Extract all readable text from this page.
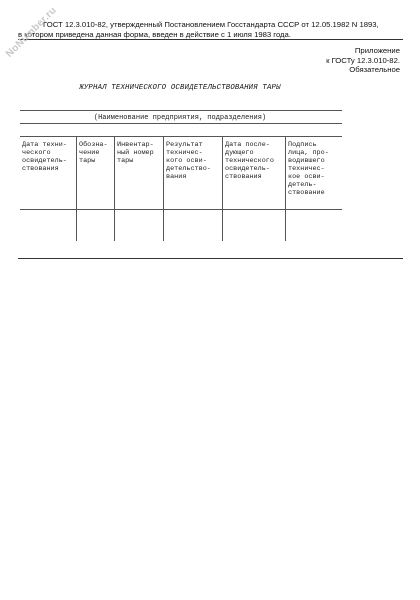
ГОСТ 12.3.010-82, утвержденный Постановлением Госстандарта СССР от 12.05.1982 N 1893,
в котором приведена данная форма, введен в действие с 1 июля 1983 года.
NoNumber.ru	Приложение
к ГОСТу 12.3.010-82.
Обязательное
ЖУРНАЛ ТЕХНИЧЕСКОГО ОСВИДЕТЕЛЬСТВОВАНИЯ ТАРЫ
(Наименование предприятия, подразделения)
Дата техни-
ческого
освидетель-
ствования
Обозна-
чение
тары
Инвентар-
ный номер
тары
Результат
техничес-
кого осви-
детельство-
вания
Дата после-
дующего
технического
освидетель-
ствования
Подпись
лица, про-
водившего
техничес-
кое осви-
детель-
ствование
